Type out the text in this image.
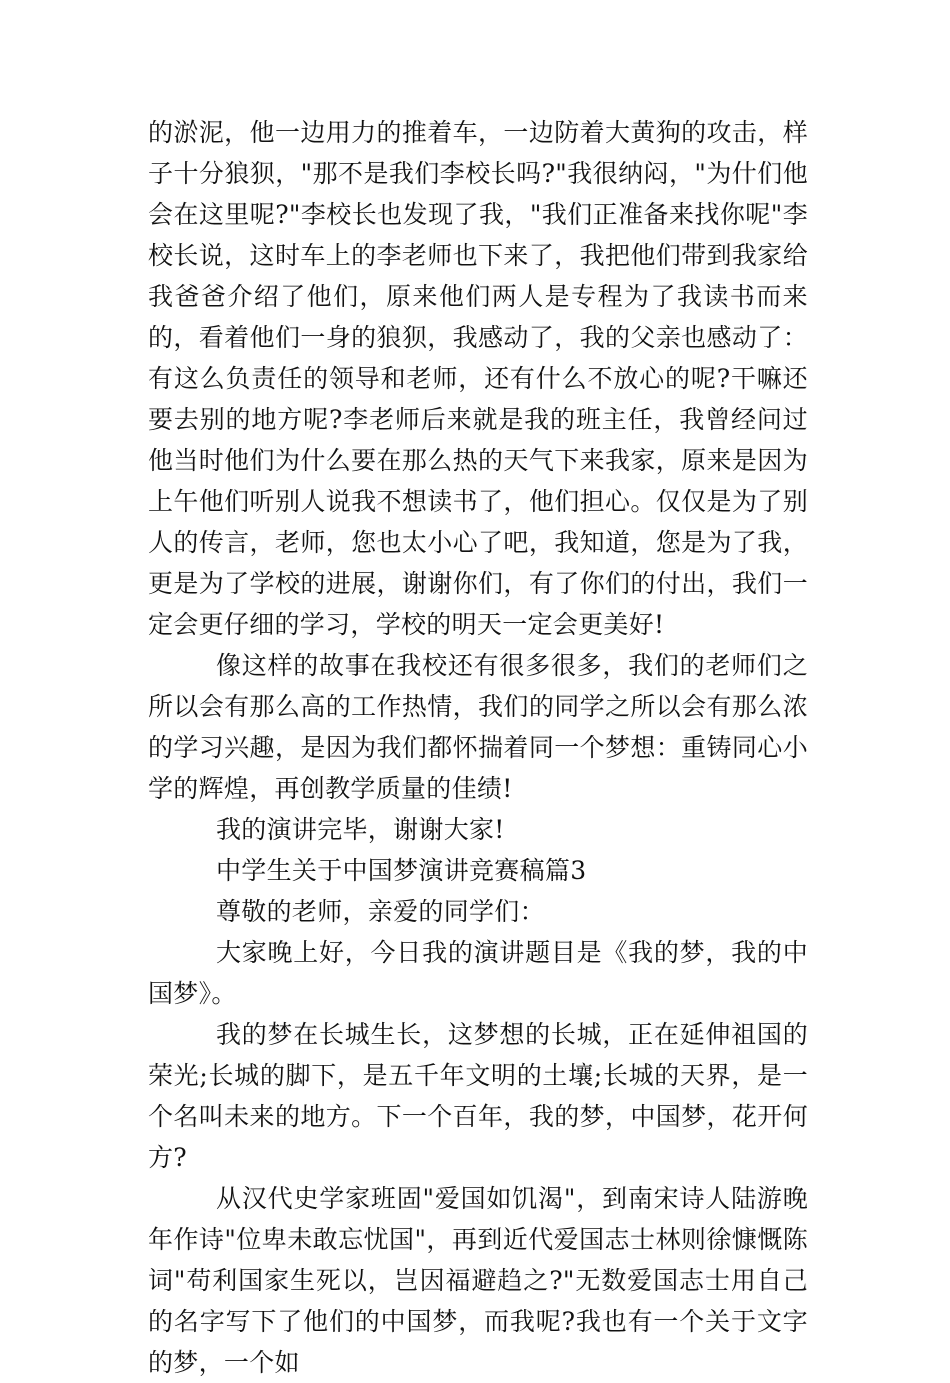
的淤泥，他一边用力的推着车，一边防着大黄狗的攻击，样子十分狼狈，"那不是我们李校长吗?"我很纳闷，"为什们他会在这里呢?"李校长也发现了我，"我们正准备来找你呢"李校长说，这时车上的李老师也下来了，我把他们带到我家给我爸爸介绍了他们，原来他们两人是专程为了我读书而来的，看着他们一身的狼狈，我感动了，我的父亲也感动了：有这么负责任的领导和老师，还有什么不放心的呢?干嘛还要去别的地方呢?李老师后来就是我的班主任，我曾经问过他当时他们为什么要在那么热的天气下来我家，原来是因为上午他们听别人说我不想读书了，他们担心。仅仅是为了别人的传言，老师，您也太小心了吧，我知道，您是为了我，更是为了学校的进展，谢谢你们，有了你们的付出，我们一定会更仔细的学习，学校的明天一定会更美好!

像这样的故事在我校还有很多很多，我们的老师们之所以会有那么高的工作热情，我们的同学之所以会有那么浓的学习兴趣，是因为我们都怀揣着同一个梦想：重铸同心小学的辉煌，再创教学质量的佳绩!

我的演讲完毕，谢谢大家!

中学生关于中国梦演讲竞赛稿篇3

尊敬的老师，亲爱的同学们：

大家晚上好，今日我的演讲题目是《我的梦，我的中国梦》。

我的梦在长城生长，这梦想的长城，正在延伸祖国的荣光;长城的脚下，是五千年文明的土壤;长城的天界，是一个名叫未来的地方。下一个百年，我的梦，中国梦，花开何方?

从汉代史学家班固"爱国如饥渴"，到南宋诗人陆游晚年作诗"位卑未敢忘忧国"，再到近代爱国志士林则徐慷慨陈词"苟利国家生死以，岂因福避趋之?"无数爱国志士用自己的名字写下了他们的中国梦，而我呢?我也有一个关于文字的梦，一个如
